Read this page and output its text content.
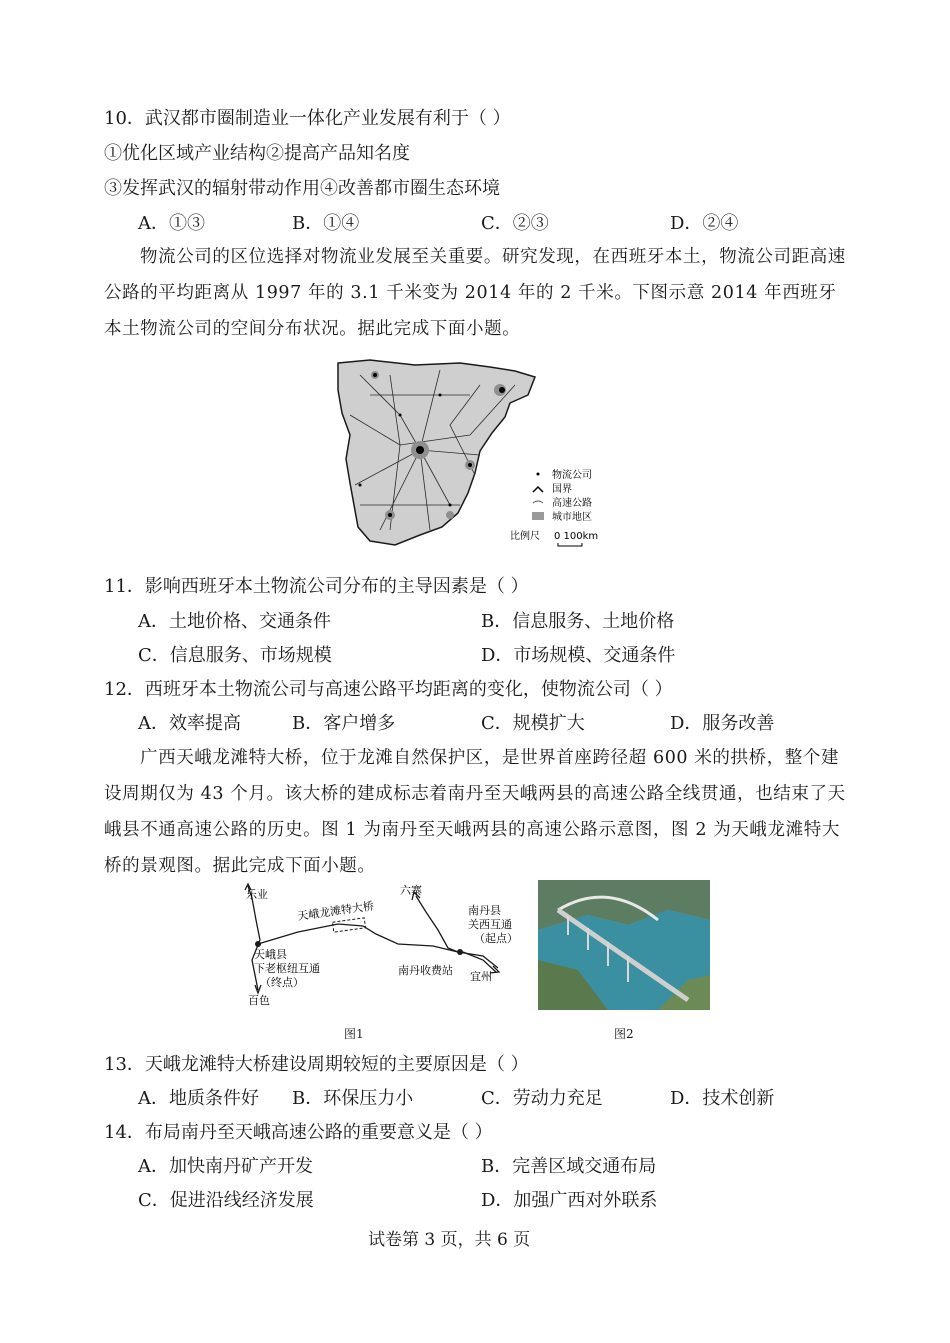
10．武汉都市圈制造业一体化产业发展有利于（ ）
①优化区域产业结构②提高产品知名度
③发挥武汉的辐射带动作用④改善都市圈生态环境
A．①③	B．①④	C．②③	D．②④
物流公司的区位选择对物流业发展至关重要。研究发现，在西班牙本土，物流公司距高速公路的平均距离从 1997 年的 3.1 千米变为 2014 年的 2 千米。下图示意 2014 年西班牙本土物流公司的空间分布状况。据此完成下面小题。
物流公司
国界
高速公路
城市地区
比例尺 0 100km
11．影响西班牙本土物流公司分布的主导因素是（ ）
A．土地价格、交通条件	B．信息服务、土地价格
C．信息服务、市场规模	D．市场规模、交通条件
12．西班牙本土物流公司与高速公路平均距离的变化，使物流公司（ ）
A．效率提高	B．客户增多	C．规模扩大	D．服务改善
广西天峨龙滩特大桥，位于龙滩自然保护区，是世界首座跨径超 600 米的拱桥，整个建设周期仅为 43 个月。该大桥的建成标志着南丹至天峨两县的高速公路全线贯通，也结束了天峨县不通高速公路的历史。图 1 为南丹至天峨两县的高速公路示意图，图 2 为天峨龙滩特大桥的景观图。据此完成下面小题。
乐业
天峨龙滩特大桥
六寨
天峨县
下老枢纽互通
（终点）
百色
南丹县
关西互通
（起点）
南丹收费站 宜州
图1	图2
13．天峨龙滩特大桥建设周期较短的主要原因是（ ）
A．地质条件好 B．环保压力小	C．劳动力充足	D．技术创新
14．布局南丹至天峨高速公路的重要意义是（ ）
A．加快南丹矿产开发	B．完善区域交通布局
C．促进沿线经济发展	D．加强广西对外联系
试卷第 3 页，共 6 页
